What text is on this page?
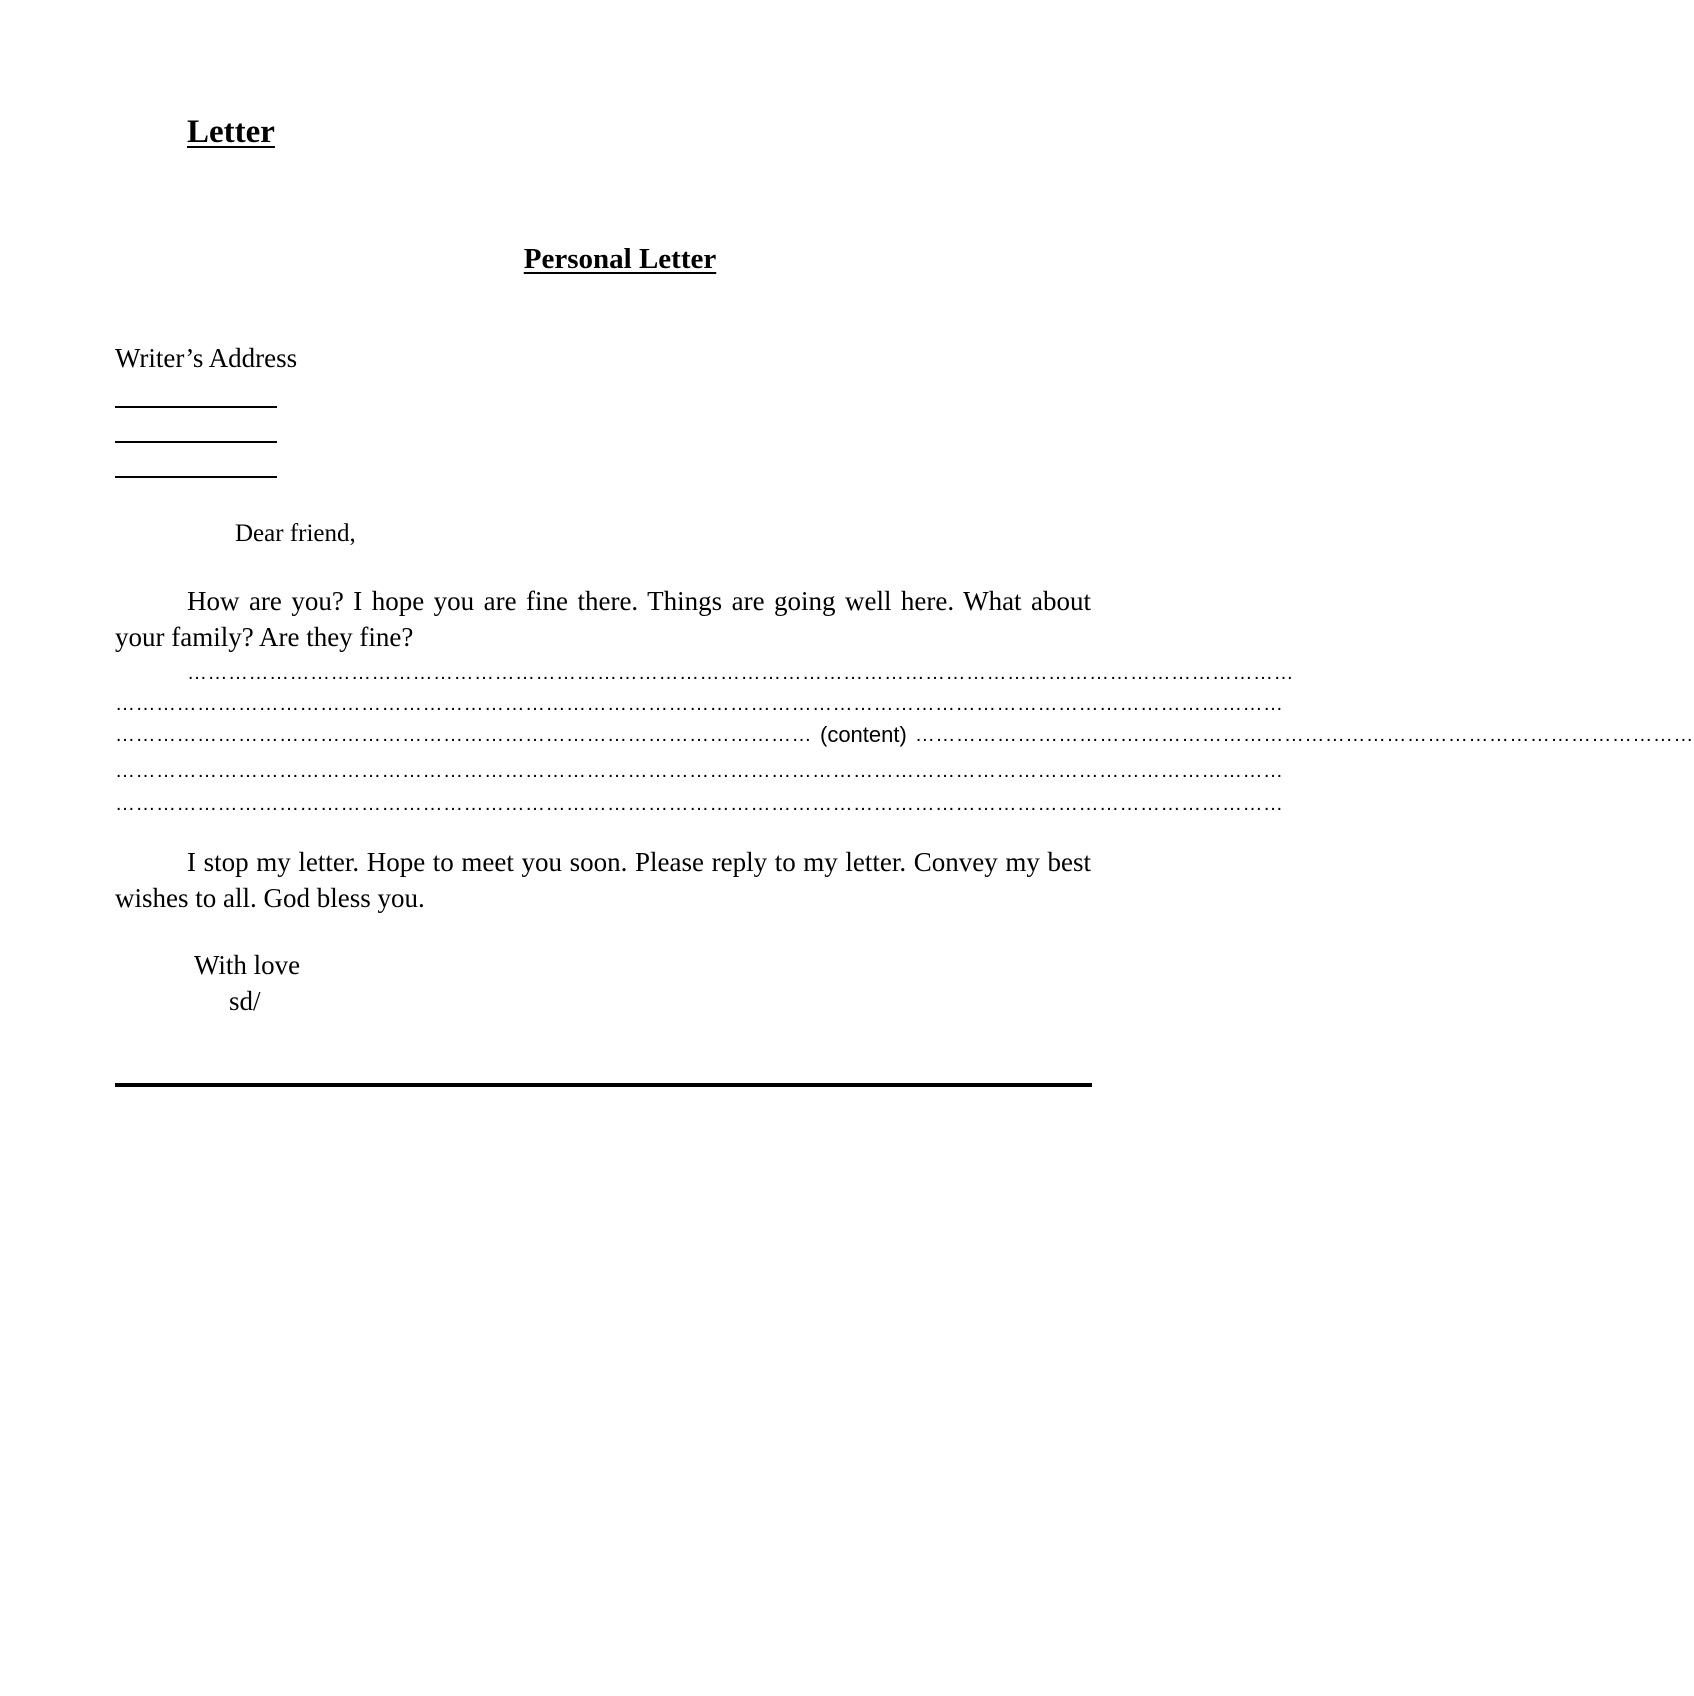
Letter
Personal Letter
Writer’s Address
Dear friend,
How are you? I hope you are fine there. Things are going well here. What about your family? Are they fine?
………………………………………………………………………………………………………………………………………………
………………………………………………………………………………………………………………………………………………………
………………………………………………………………………………………… (content) ……………………………………………………………………………………………………
………………………………………………………………………………………………………………………………………………………
………………………………………………………………………………………………………………………………………………………
I stop my letter. Hope to meet you soon. Please reply to my letter. Convey my best wishes to all. God bless you.
With love
sd/
